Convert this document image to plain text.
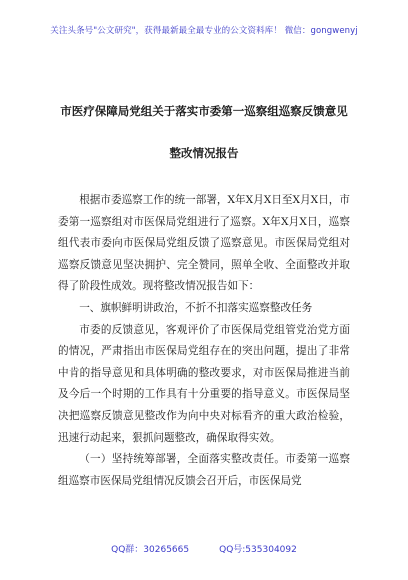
关注头条号"公文研究"，获得最新最全最专业的公文资料库！ 微信：gongwenyj
市医疗保障局党组关于落实市委第一巡察组巡察反馈意见
整改情况报告

根据市委巡察工作的统一部署，X年X月X日至X月X日，市委第一巡察组对市医保局党组进行了巡察。X年X月X日，巡察组代表市委向市医保局党组反馈了巡察意见。市医保局党组对巡察反馈意见坚决拥护、完全赞同，照单全收、全面整改并取得了阶段性成效。现将整改情况报告如下：

一、旗帜鲜明讲政治，不折不扣落实巡察整改任务

市委的反馈意见，客观评价了市医保局党组管党治党方面的情况，严肃指出市医保局党组存在的突出问题，提出了非常中肯的指导意见和具体明确的整改要求，对市医保局推进当前及今后一个时期的工作具有十分重要的指导意义。市医保局坚决把巡察反馈意见整改作为向中央对标看齐的重大政治检验，迅速行动起来，狠抓问题整改，确保取得实效。

（一）坚持统筹部署，全面落实整改责任。市委第一巡察组巡察市医保局党组情况反馈会召开后，市医保局党

QQ群：30265665	QQ号:535304092
